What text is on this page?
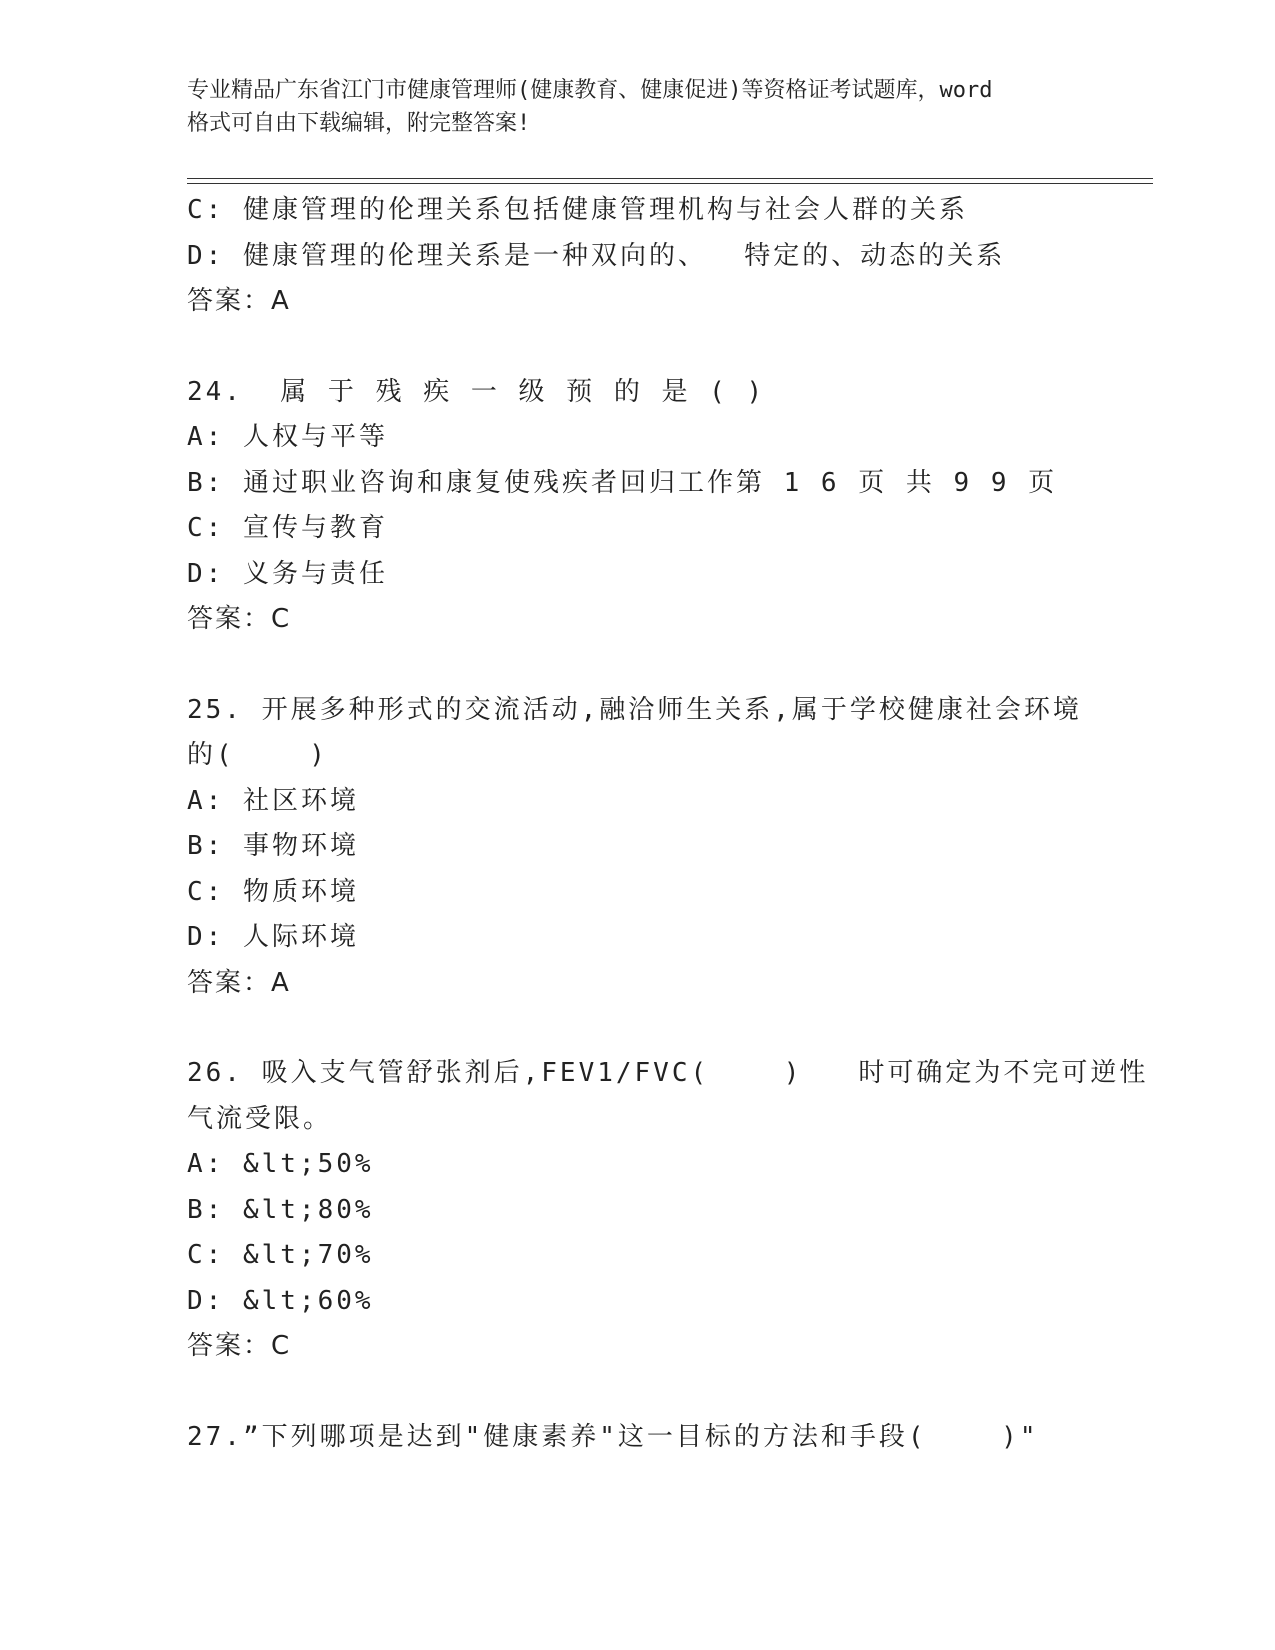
专业精品广东省江门市健康管理师(健康教育、健康促进)等资格证考试题库，word
格式可自由下载编辑，附完整答案!
C: 健康管理的伦理关系包括健康管理机构与社会人群的关系
D: 健康管理的伦理关系是一种双向的、  特定的、动态的关系
答案：A
24.  属 于 残 疾 一 级 预 的 是 ( )
A: 人权与平等
B: 通过职业咨询和康复使残疾者回归工作第 1 6 页 共 9 9 页
C: 宣传与教育
D: 义务与责任
答案：C
25. 开展多种形式的交流活动,融洽师生关系,属于学校健康社会环境
的(    )
A: 社区环境
B: 事物环境
C: 物质环境
D: 人际环境
答案：A
26. 吸入支气管舒张剂后,FEV1/FVC(    )   时可确定为不完可逆性
气流受限。
A: &lt;50%
B: &lt;80%
C: &lt;70%
D: &lt;60%
答案：C
27.”下列哪项是达到"健康素养"这一目标的方法和手段(    )"
